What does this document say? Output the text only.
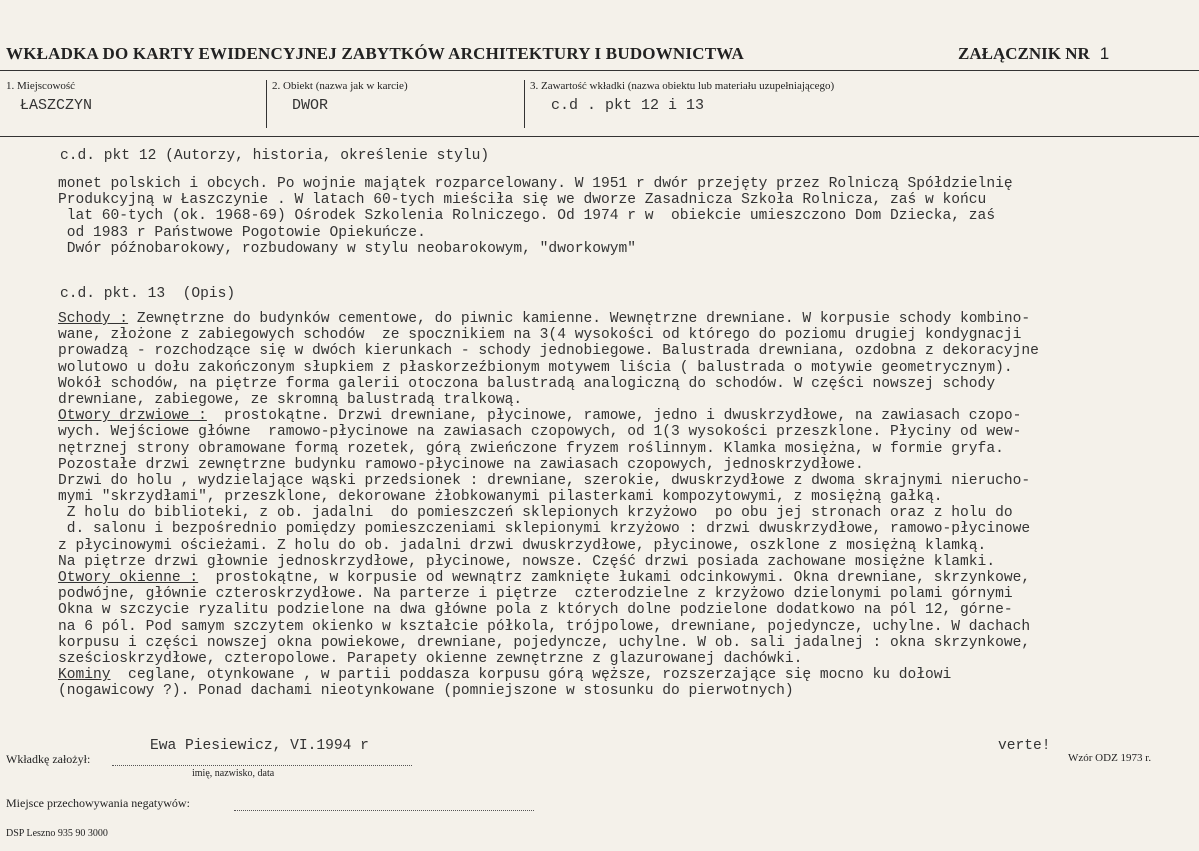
WKŁADKA DO KARTY EWIDENCYJNEJ ZABYTKÓW ARCHITEKTURY I BUDOWNICTWA	ZAŁĄCZNIK NR 1
1. Miejscowość
ŁASZCZYN
2. Obiekt (nazwa jak w karcie)
DWOR
3. Zawartość wkładki (nazwa obiektu lub materiału uzupełniającego)
c.d . pkt 12 i 13
c.d. pkt 12 (Autorzy, historia, określenie stylu)
monet polskich i obcych. Po wojnie majątek rozparcelowany. W 1951 r dwór przejęty przez Rolniczą Spółdzielnię
Produkcyjną w Łaszczynie . W latach 60-tych mieściła się we dworze Zasadnicza Szkoła Rolnicza, zaś w końcu
lat 60-tych (ok. 1968-69) Ośrodek Szkolenia Rolniczego. Od 1974 r w  obiekcie umieszczono Dom Dziecka, zaś
od 1983 r Państwowe Pogotowie Opiekuńcze.
Dwór późnobarokowy, rozbudowany w stylu neobarokowym, "dworkowym"
c.d. pkt. 13  (Opis)
Schody : Zewnętrzne do budynków cementowe, do piwnic kamienne. Wewnętrzne drewniane. W korpusie schody kombino-
wane, złożone z zabiegowych schodów  ze spocznikiem na 3(4 wysokości od którego do poziomu drugiej kondygnacji
prowadzą - rozchodzące się w dwóch kierunkach - schody jednobiegowe. Balustrada drewniana, ozdobna z dekoracyjne
wolutowo u dołu zakończonym słupkiem z płaskorzeźbionym motywem liścia ( balustrada o motywie geometrycznym).
Wokół schodów, na piętrze forma galerii otoczona balustradą analogiczną do schodów. W części nowszej schody
drewniane, zabiegowe, ze skromną balustradą tralkową.
Otwory drzwiowe :  prostokątne. Drzwi drewniane, płycinowe, ramowe, jedno i dwuskrzydłowe, na zawiasach czopo-
wych. Wejściowe główne  ramowo-płycinowe na zawiasach czopowych, od 1(3 wysokości przeszklone. Płyciny od wew-
nętrznej strony obramowane formą rozetek, górą zwieńczone fryzem roślinnym. Klamka mosiężna, w formie gryfa.
Pozostałe drzwi zewnętrzne budynku ramowo-płycinowe na zawiasach czopowych, jednoskrzydłowe.
Drzwi do holu , wydzielające wąski przedsionek : drewniane, szerokie, dwuskrzydłowe z dwoma skrajnymi nierucho-
mymi "skrzydłami", przeszklone, dekorowane żłobkowanymi pilasterkami kompozytowymi, z mosiężną gałką.
Z holu do biblioteki, z ob. jadalni  do pomieszczeń sklepionych krzyżowo  po obu jej stronach oraz z holu do
d. salonu i bezpośrednio pomiędzy pomieszczeniami sklepionymi krzyżowo : drzwi dwuskrzydłowe, ramowo-płycinowe
z płycinowymi ościeżami. Z holu do ob. jadalni drzwi dwuskrzydłowe, płycinowe, oszklone z mosiężną klamką.
Na piętrze drzwi głownie jednoskrzydłowe, płycinowe, nowsze. Część drzwi posiada zachowane mosiężne klamki.
Otwory okienne :  prostokątne, w korpusie od wewnątrz zamknięte łukami odcinkowymi. Okna drewniane, skrzynkowe,
podwójne, głównie czteroskrzydłowe. Na parterze i piętrze  czterodzielne z krzyżowo dzielonymi polami górnymi
Okna w szczycie ryzalitu podzielone na dwa główne pola z których dolne podzielone dodatkowo na pól 12, górne-
na 6 pól. Pod samym szczytem okienko w kształcie półkola, trójpolowe, drewniane, pojedyncze, uchylne. W dachach
korpusu i części nowszej okna powiekowe, drewniane, pojedyncze, uchylne. W ob. sali jadalnej : okna skrzynkowe,
sześcioskrzydłowe, czteropolowe. Parapety okienne zewnętrzne z glazurowanej dachówki.
Kominy  ceglane, otynkowane , w partii poddasza korpusu górą węższe, rozszerzające się mocno ku dołowi
(nogawicowy ?). Ponad dachami nieotynkowane (pomniejszone w stosunku do pierwotnych)
Wkładkę założył:
Ewa Piesiewicz, VI.1994 r
imię, nazwisko, data
verte!
Wzór ODZ 1973 r.
Miejsce przechowywania negatywów:
DSP Leszno 935 90 3000
